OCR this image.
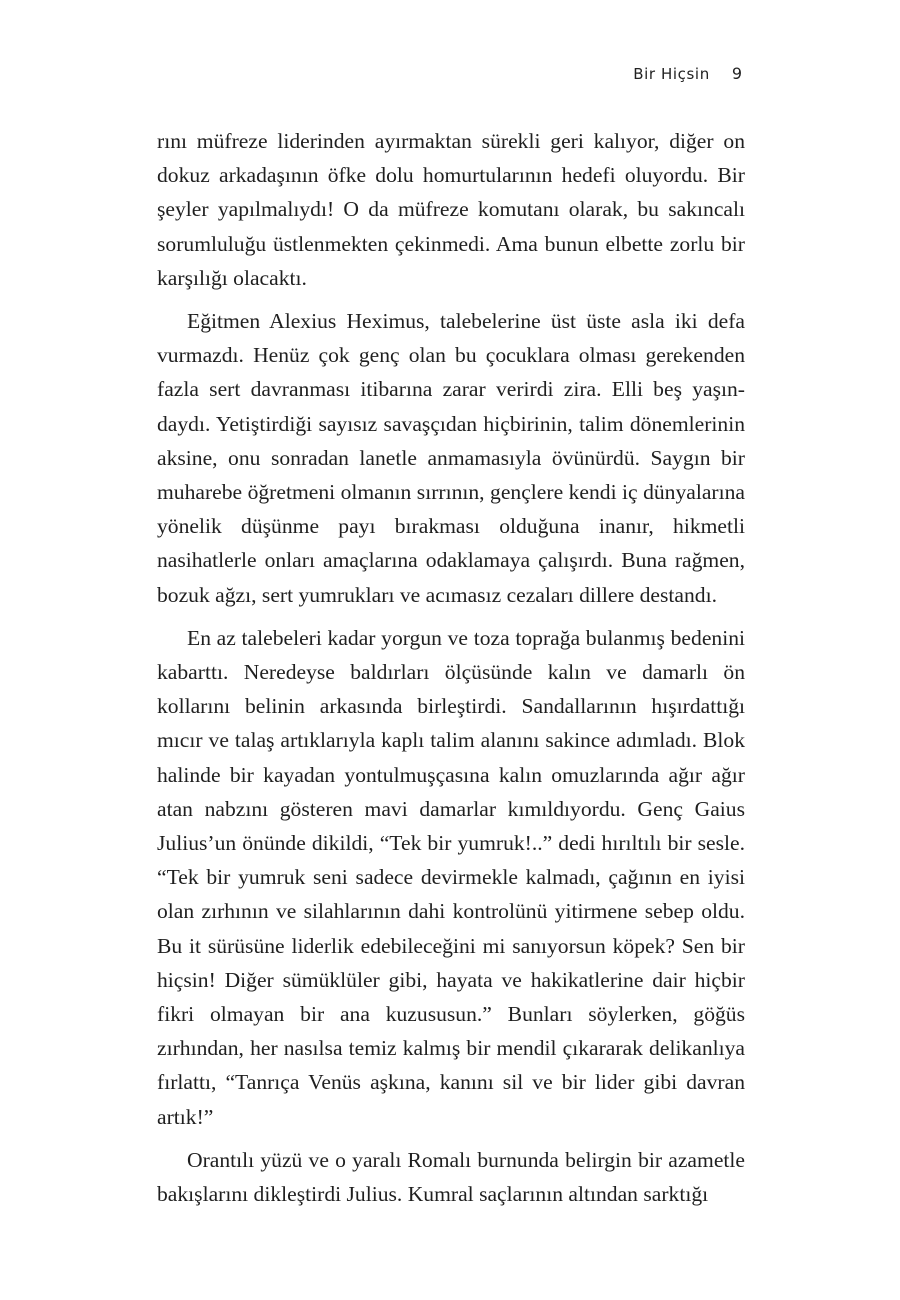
Bir Hiçsin 9

rını müfreze liderinden ayırmaktan sürekli geri kalıyor, diğer on dokuz arkadaşının öfke dolu homurtularının hedefi oluyordu. Bir şeyler yapılmalıydı! O da müfreze komutanı olarak, bu sakıncalı sorumluluğu üstlenmekten çekinmedi. Ama bunun elbette zorlu bir karşılığı olacaktı.

Eğitmen Alexius Heximus, talebelerine üst üste asla iki defa vurmazdı. Henüz çok genç olan bu çocuklara olması gerekenden fazla sert davranması itibarına zarar verirdi zira. Elli beş yaşındaydı. Yetiştirdiği sayısız savaşçıdan hiçbirinin, talim dönemlerinin aksine, onu sonradan lanetle anmamasıyla övünürdü. Saygın bir muharebe öğretmeni olmanın sırrının, gençlere kendi iç dünyalarına yönelik düşünme payı bırakması olduğuna inanır, hikmetli nasihatlerle onları amaçlarına odaklamaya çalışırdı. Buna rağmen, bozuk ağzı, sert yumrukları ve acımasız cezaları dillere destandı.

En az talebeleri kadar yorgun ve toza toprağa bulanmış bedenini kabarttı. Neredeyse baldırları ölçüsünde kalın ve damarlı ön kollarını belinin arkasında birleştirdi. Sandallarının hışırdattığı mıcır ve talaş artıklarıyla kaplı talim alanını sakince adımladı. Blok halinde bir kayadan yontulmuşçasına kalın omuzlarında ağır ağır atan nabzını gösteren mavi damarlar kımıldıyordu. Genç Gaius Julius’un önünde dikildi, “Tek bir yumruk!..” dedi hırıltılı bir sesle. “Tek bir yumruk seni sadece devirmekle kalmadı, çağının en iyisi olan zırhının ve silahlarının dahi kontrolünü yitirmene sebep oldu. Bu it sürüsüne liderlik edebileceğini mi sanıyorsun köpek? Sen bir hiçsin! Diğer sümüklüler gibi, hayata ve hakikatlerine dair hiçbir fikri olmayan bir ana kuzususun.” Bunları söylerken, göğüs zırhından, her nasılsa temiz kalmış bir mendil çıkararak delikanlıya fırlattı, “Tanrıça Venüs aşkına, kanını sil ve bir lider gibi davran artık!”

Orantılı yüzü ve o yaralı Romalı burnunda belirgin bir azametle bakışlarını dikleştirdi Julius. Kumral saçlarının altından sarktığı
